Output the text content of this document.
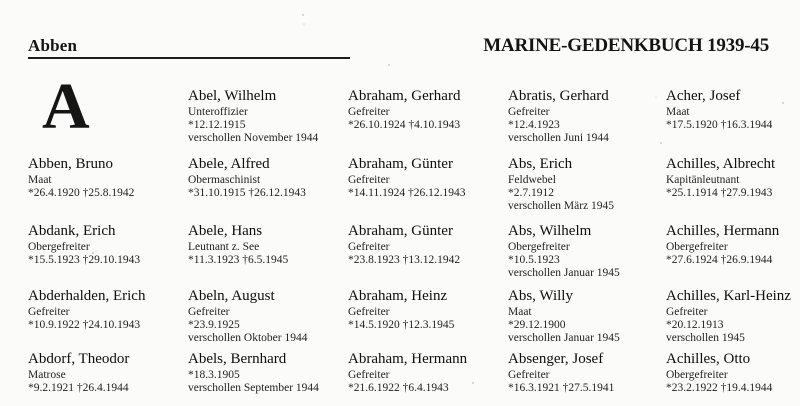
Abben	MARINE-GEDENKBUCH 1939-45
A
Abben, Bruno
Maat
*26.4.1920 †25.8.1942
Abdank, Erich
Obergefreiter
*15.5.1923 †29.10.1943
Abderhalden, Erich
Gefreiter
*10.9.1922 †24.10.1943
Abdorf, Theodor
Matrose
*9.2.1921 †26.4.1944
Abel, Wilhelm
Unteroffizier
*12.12.1915
verschollen November 1944
Abele, Alfred
Obermaschinist
*31.10.1915 †26.12.1943
Abele, Hans
Leutnant z. See
*11.3.1923 †6.5.1945
Abeln, August
Gefreiter
*23.9.1925
verschollen Oktober 1944
Abels, Bernhard
*18.3.1905
verschollen September 1944
Abraham, Gerhard
Gefreiter
*26.10.1924 †4.10.1943
Abraham, Günter
Gefreiter
*14.11.1924 †26.12.1943
Abraham, Günter
Gefreiter
*23.8.1923 †13.12.1942
Abraham, Heinz
Gefreiter
*14.5.1920 †12.3.1945
Abraham, Hermann
Gefreiter
*21.6.1922 †6.4.1943
Abratis, Gerhard
Gefreiter
*12.4.1923
verschollen Juni 1944
Abs, Erich
Feldwebel
*2.7.1912
verschollen März 1945
Abs, Wilhelm
Obergefreiter
*10.5.1923
verschollen Januar 1945
Abs, Willy
Maat
*29.12.1900
verschollen Januar 1945
Absenger, Josef
Gefreiter
*16.3.1921 †27.5.1941
Acher, Josef
Maat
*17.5.1920 †16.3.1944
Achilles, Albrecht
Kapitänleutnant
*25.1.1914 †27.9.1943
Achilles, Hermann
Obergefreiter
*27.6.1924 †26.9.1944
Achilles, Karl-Heinz
Gefreiter
*20.12.1913
verschollen 1945
Achilles, Otto
Obergefreiter
*23.2.1922 †19.4.1944
